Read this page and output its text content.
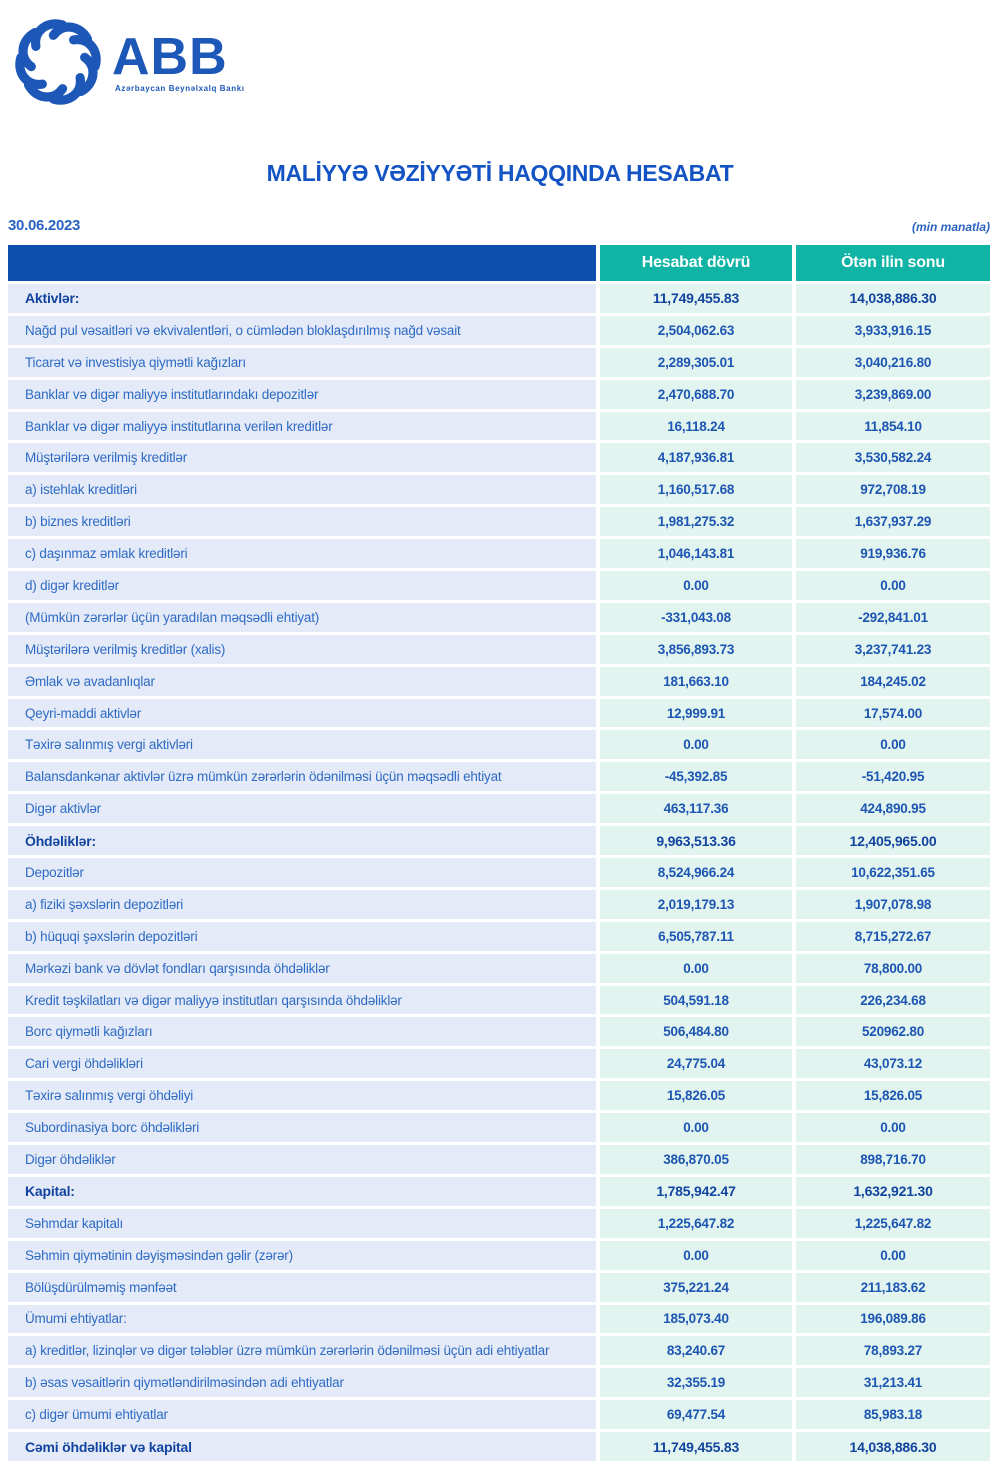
ABB
Azərbaycan Beynəlxalq Bankı
MALİYYƏ VƏZİYYƏTİ HAQQINDA HESABAT
30.06.2023	(min manatla)
Hesabat dövrü	Ötən ilin sonu
Aktivlər:	11,749,455.83	14,038,886.30
Nağd pul vəsaitləri və ekvivalentləri, o cümlədən bloklaşdırılmış nağd vəsait	2,504,062.63	3,933,916.15
Ticarət və investisiya qiymətli kağızları	2,289,305.01	3,040,216.80
Banklar və digər maliyyə institutlarındakı depozitlər	2,470,688.70	3,239,869.00
Banklar və digər maliyyə institutlarına verilən kreditlər	16,118.24	11,854.10
Müştərilərə verilmiş kreditlər	4,187,936.81	3,530,582.24
a) istehlak kreditləri	1,160,517.68	972,708.19
b) biznes kreditləri	1,981,275.32	1,637,937.29
c) daşınmaz əmlak kreditləri	1,046,143.81	919,936.76
d) digər kreditlər	0.00	0.00
(Mümkün zərərlər üçün yaradılan məqsədli ehtiyat)	-331,043.08	-292,841.01
Müştərilərə verilmiş kreditlər (xalis)	3,856,893.73	3,237,741.23
Əmlak və avadanlıqlar	181,663.10	184,245.02
Qeyri-maddi aktivlər	12,999.91	17,574.00
Təxirə salınmış vergi aktivləri	0.00	0.00
Balansdankənar aktivlər üzrə mümkün zərərlərin ödənilməsi üçün məqsədli ehtiyat	-45,392.85	-51,420.95
Digər aktivlər	463,117.36	424,890.95
Öhdəliklər:	9,963,513.36	12,405,965.00
Depozitlər	8,524,966.24	10,622,351.65
a) fiziki şəxslərin depozitləri	2,019,179.13	1,907,078.98
b) hüquqi şəxslərin depozitləri	6,505,787.11	8,715,272.67
Mərkəzi bank və dövlət fondları qarşısında öhdəliklər	0.00	78,800.00
Kredit təşkilatları və digər maliyyə institutları qarşısında öhdəliklər	504,591.18	226,234.68
Borc qiymətli kağızları	506,484.80	520962.80
Cari vergi öhdəlikləri	24,775.04	43,073.12
Təxirə salınmış vergi öhdəliyi	15,826.05	15,826.05
Subordinasiya borc öhdəlikləri	0.00	0.00
Digər öhdəliklər	386,870.05	898,716.70
Kapital:	1,785,942.47	1,632,921.30
Səhmdar kapitalı	1,225,647.82	1,225,647.82
Səhmin qiymətinin dəyişməsindən gəlir (zərər)	0.00	0.00
Bölüşdürülməmiş mənfəət	375,221.24	211,183.62
Ümumi ehtiyatlar:	185,073.40	196,089.86
a) kreditlər, lizinqlər və digər tələblər üzrə mümkün zərərlərin ödənilməsi üçün adi ehtiyatlar	83,240.67	78,893.27
b) əsas vəsaitlərin qiymətləndirilməsindən adi ehtiyatlar	32,355.19	31,213.41
c) digər ümumi ehtiyatlar	69,477.54	85,983.18
Cəmi öhdəliklər və kapital	11,749,455.83	14,038,886.30
